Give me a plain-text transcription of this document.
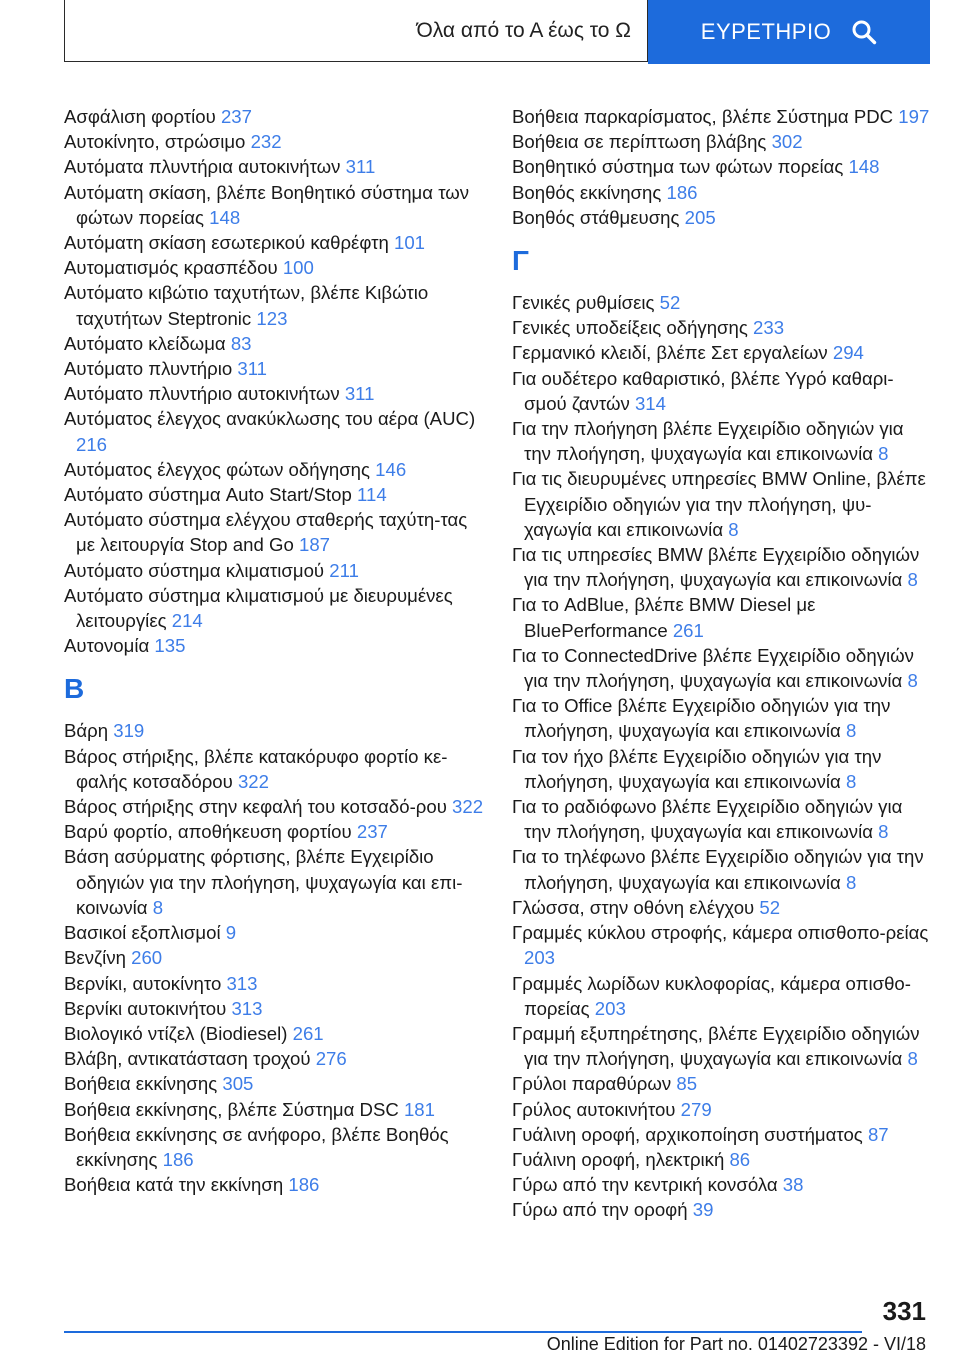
Όλα από το Α έως το Ω	ΕΥΡΕΤΗΡΙΟ
Ασφάλιση φορτίου 237
Αυτοκίνητο, στρώσιμο 232
Αυτόματα πλυντήρια αυτοκινήτων 311
Αυτόματη σκίαση, βλέπε Βοηθητικό σύστημα των φώτων πορείας 148
Αυτόματη σκίαση εσωτερικού καθρέφτη 101
Αυτοματισμός κρασπέδου 100
Αυτόματο κιβώτιο ταχυτήτων, βλέπε Κιβώτιο ταχυτήτων Steptronic 123
Αυτόματο κλείδωμα 83
Αυτόματο πλυντήριο 311
Αυτόματο πλυντήριο αυτοκινήτων 311
Αυτόματος έλεγχος ανακύκλωσης του αέρα (AUC) 216
Αυτόματος έλεγχος φώτων οδήγησης 146
Αυτόματο σύστημα Auto Start/Stop 114
Αυτόματο σύστημα ελέγχου σταθερής ταχύτη-τας με λειτουργία Stop and Go 187
Αυτόματο σύστημα κλιματισμού 211
Αυτόματο σύστημα κλιματισμού με διευρυμένες λειτουργίες 214
Αυτονομία 135
Β
Βάρη 319
Βάρος στήριξης, βλέπε κατακόρυφο φορτίο κε-φαλής κοτσαδόρου 322
Βάρος στήριξης στην κεφαλή του κοτσαδό-ρου 322
Βαρύ φορτίο, αποθήκευση φορτίου 237
Βάση ασύρματης φόρτισης, βλέπε Εγχειρίδιο οδηγιών για την πλοήγηση, ψυχαγωγία και επι-κοινωνία 8
Βασικοί εξοπλισμοί 9
Βενζίνη 260
Βερνίκι, αυτοκίνητο 313
Βερνίκι αυτοκινήτου 313
Βιολογικό ντίζελ (Biodiesel) 261
Βλάβη, αντικατάσταση τροχού 276
Βοήθεια εκκίνησης 305
Βοήθεια εκκίνησης, βλέπε Σύστημα DSC 181
Βοήθεια εκκίνησης σε ανήφορο, βλέπε Βοηθός εκκίνησης 186
Βοήθεια κατά την εκκίνηση 186
Βοήθεια παρκαρίσματος, βλέπε Σύστημα PDC 197
Βοήθεια σε περίπτωση βλάβης 302
Βοηθητικό σύστημα των φώτων πορείας 148
Βοηθός εκκίνησης 186
Βοηθός στάθμευσης 205
Γ
Γενικές ρυθμίσεις 52
Γενικές υποδείξεις οδήγησης 233
Γερμανικό κλειδί, βλέπε Σετ εργαλείων 294
Για ουδέτερο καθαριστικό, βλέπε Υγρό καθαρι-σμού ζαντών 314
Για την πλοήγηση βλέπε Εγχειρίδιο οδηγιών για την πλοήγηση, ψυχαγωγία και επικοινωνία 8
Για τις διευρυμένες υπηρεσίες BMW Online, βλέπε Εγχειρίδιο οδηγιών για την πλοήγηση, ψυ-χαγωγία και επικοινωνία 8
Για τις υπηρεσίες BMW βλέπε Εγχειρίδιο οδηγιών για την πλοήγηση, ψυχαγωγία και επικοινωνία 8
Για το AdBlue, βλέπε BMW Diesel με BluePerformance 261
Για το ConnectedDrive βλέπε Εγχειρίδιο οδηγιών για την πλοήγηση, ψυχαγωγία και επικοινωνία 8
Για το Office βλέπε Εγχειρίδιο οδηγιών για την πλοήγηση, ψυχαγωγία και επικοινωνία 8
Για τον ήχο βλέπε Εγχειρίδιο οδηγιών για την πλοήγηση, ψυχαγωγία και επικοινωνία 8
Για το ραδιόφωνο βλέπε Εγχειρίδιο οδηγιών για την πλοήγηση, ψυχαγωγία και επικοινωνία 8
Για το τηλέφωνο βλέπε Εγχειρίδιο οδηγιών για την πλοήγηση, ψυχαγωγία και επικοινωνία 8
Γλώσσα, στην οθόνη ελέγχου 52
Γραμμές κύκλου στροφής, κάμερα οπισθοπο-ρείας 203
Γραμμές λωρίδων κυκλοφορίας, κάμερα οπισθο-πορείας 203
Γραμμή εξυπηρέτησης, βλέπε Εγχειρίδιο οδηγιών για την πλοήγηση, ψυχαγωγία και επικοινωνία 8
Γρύλοι παραθύρων 85
Γρύλος αυτοκινήτου 279
Γυάλινη οροφή, αρχικοποίηση συστήματος 87
Γυάλινη οροφή, ηλεκτρική 86
Γύρω από την κεντρική κονσόλα 38
Γύρω από την οροφή 39
331
Online Edition for Part no. 01402723392 - VI/18
